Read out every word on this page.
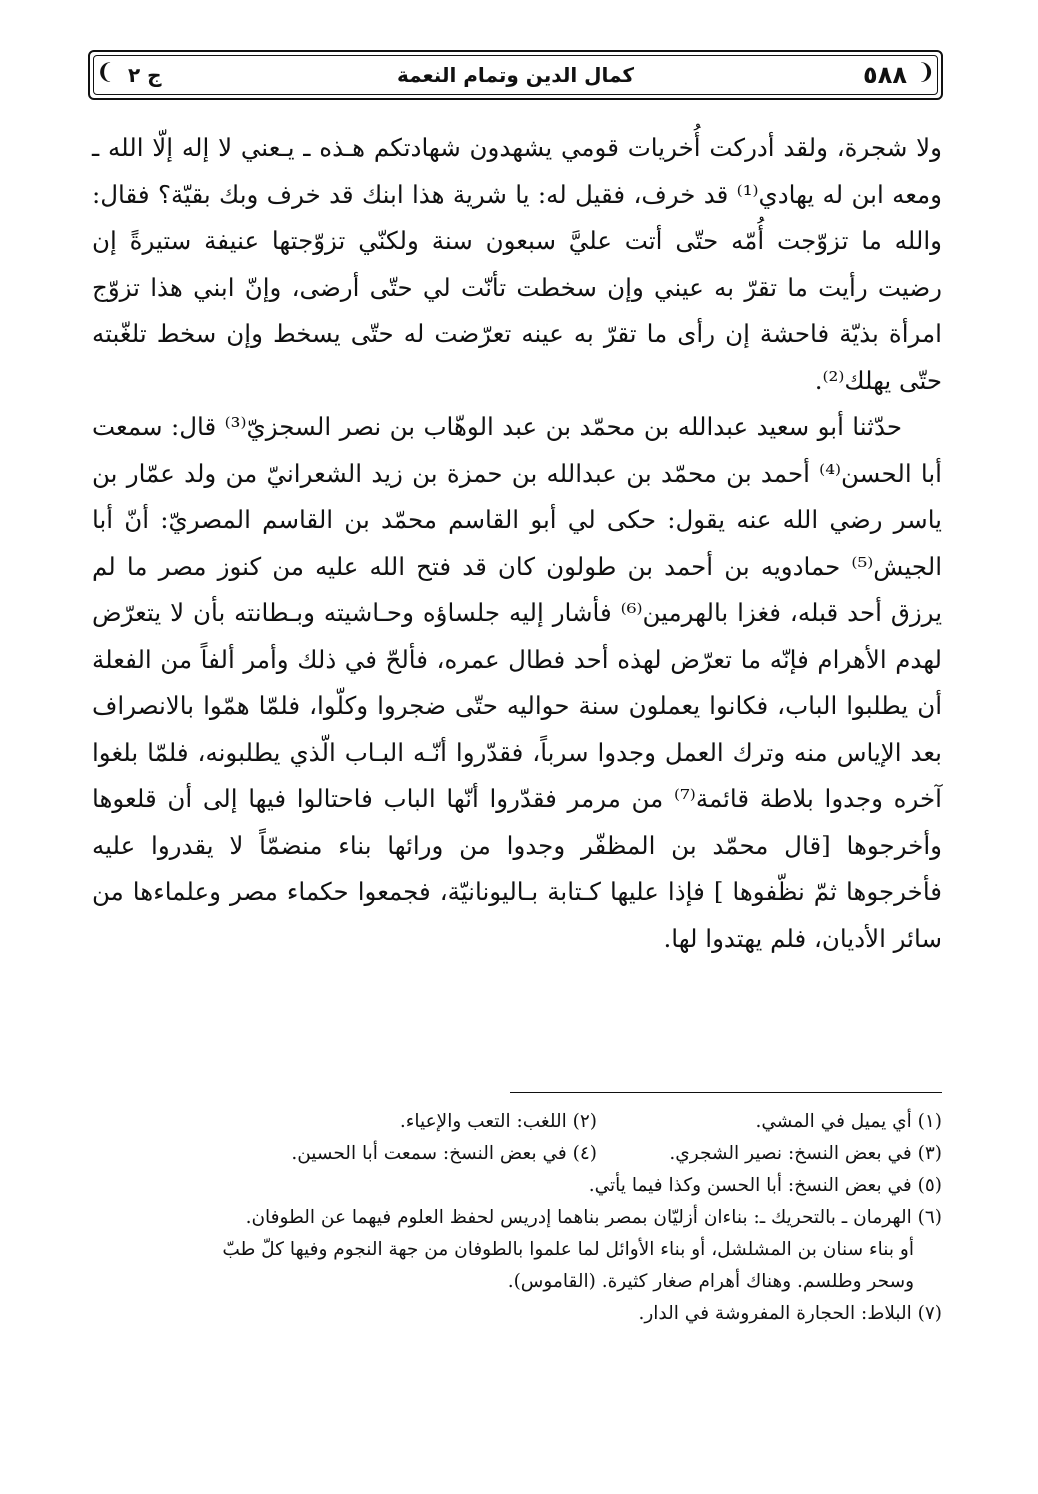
❨
❩	٥٨٨
كمال الدين وتمام النعمة
ج ٢

ولا شجرة، ولقد أدركت أُخريات قومي يشهدون شهادتكم هـذه ـ يـعني لا إله إلّا الله ـ ومعه ابن له يهادي⁽¹⁾ قد خرف، فقيل له: يا شرية هذا ابنك قد خرف وبك بقيّة؟ فقال: والله ما تزوّجت أُمّه حتّى أتت عليَّ سبعون سنة ولكنّي تزوّجتها عنيفة ستيرةً إن رضيت رأيت ما تقرّ به عيني وإن سخطت تأنّت لي حتّى أرضى، وإنّ ابني هذا تزوّج امرأة بذيّة فاحشة إن رأى ما تقرّ به عينه تعرّضت له حتّى يسخط وإن سخط تلغّبته حتّى يهلك⁽²⁾.

حدّثنا أبو سعيد عبدالله بن محمّد بن عبد الوهّاب بن نصر السجزيّ⁽³⁾ قال: سمعت أبا الحسن⁽⁴⁾ أحمد بن محمّد بن عبدالله بن حمزة بن زيد الشعرانيّ من ولد عمّار بن ياسر رضي الله عنه يقول: حكى لي أبو القاسم محمّد بن القاسم المصريّ: أنّ أبا الجيش⁽⁵⁾ حمادويه بن أحمد بن طولون كان قد فتح الله عليه من كنوز مصر ما لم يرزق أحد قبله، فغزا بالهرمين⁽⁶⁾ فأشار إليه جلساؤه وحـاشيته وبـطانته بأن لا يتعرّض لهدم الأهرام فإنّه ما تعرّض لهذه أحد فطال عمره، فألحّ في ذلك وأمر ألفاً من الفعلة أن يطلبوا الباب، فكانوا يعملون سنة حواليه حتّى ضجروا وكلّوا، فلمّا همّوا بالانصراف بعد الإياس منه وترك العمل وجدوا سرباً، فقدّروا أنّـه البـاب الّذي يطلبونه، فلمّا بلغوا آخره وجدوا بلاطة قائمة⁽⁷⁾ من مرمر فقدّروا أنّها الباب فاحتالوا فيها إلى أن قلعوها وأخرجوها [قال محمّد بن المظفّر وجدوا من ورائها بناء منضمّاً لا يقدروا عليه فأخرجوها ثمّ نظّفوها ] فإذا عليها كـتابة بـاليونانيّة، فجمعوا حكماء مصر وعلماءها من سائر الأديان، فلم يهتدوا لها.

(١) أي يميل في المشي.
(٢) اللغب: التعب والإعياء.
(٣) في بعض النسخ: نصير الشجري.
(٤) في بعض النسخ: سمعت أبا الحسين.
(٥) في بعض النسخ: أبا الحسن وكذا فيما يأتي.
(٦) الهرمان ـ بالتحريك ـ: بناءان أزليّان بمصر بناهما إدريس لحفظ العلوم فيهما عن الطوفان.
أو بناء سنان بن المشلشل، أو بناء الأوائل لما علموا بالطوفان من جهة النجوم وفيها كلّ طبّ
وسحر وطلسم. وهناك أهرام صغار كثيرة. (القاموس).
(٧) البلاط: الحجارة المفروشة في الدار.
